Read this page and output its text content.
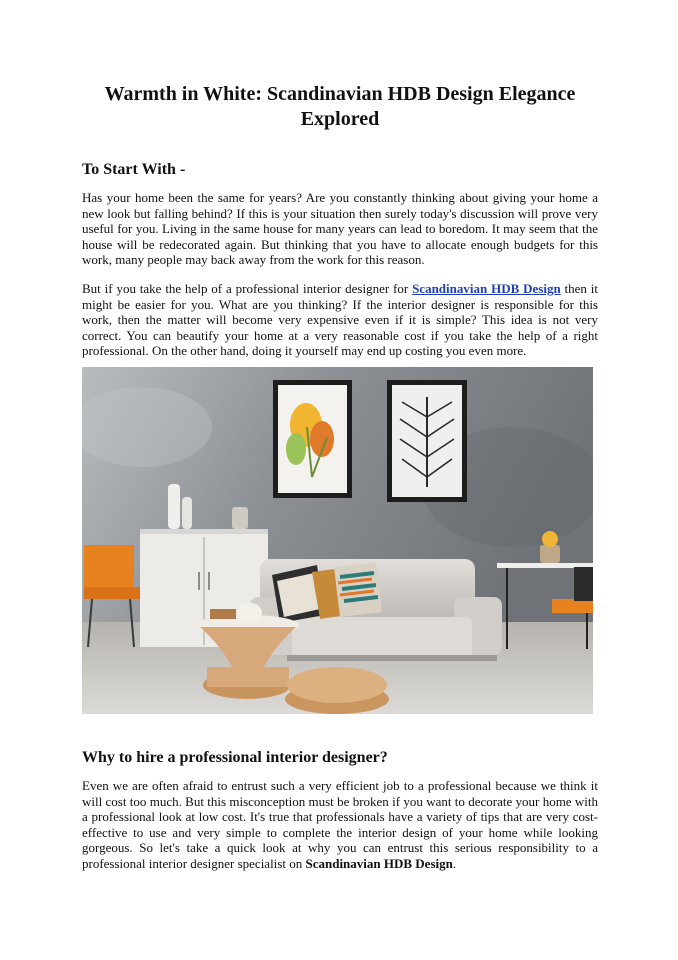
Warmth in White: Scandinavian HDB Design Elegance Explored
To Start With -

Has your home been the same for years? Are you constantly thinking about giving your home a new look but falling behind? If this is your situation then surely today's discussion will prove very useful for you. Living in the same house for many years can lead to boredom. It may seem that the house will be redecorated again. But thinking that you have to allocate enough budgets for this work, many people may back away from the work for this reason.

But if you take the help of a professional interior designer for Scandinavian HDB Design then it might be easier for you. What are you thinking? If the interior designer is responsible for this work, then the matter will become very expensive even if it is simple? This idea is not very correct. You can beautify your home at a very reasonable cost if you take the help of a right professional. On the other hand, doing it yourself may end up costing you even more.

Why to hire a professional interior designer?

Even we are often afraid to entrust such a very efficient job to a professional because we think it will cost too much. But this misconception must be broken if you want to decorate your home with a professional look at low cost. It's true that professionals have a variety of tips that are very cost-effective to use and very simple to complete the interior design of your home while looking gorgeous. So let's take a quick look at why you can entrust this serious responsibility to a professional interior designer specialist on Scandinavian HDB Design.
